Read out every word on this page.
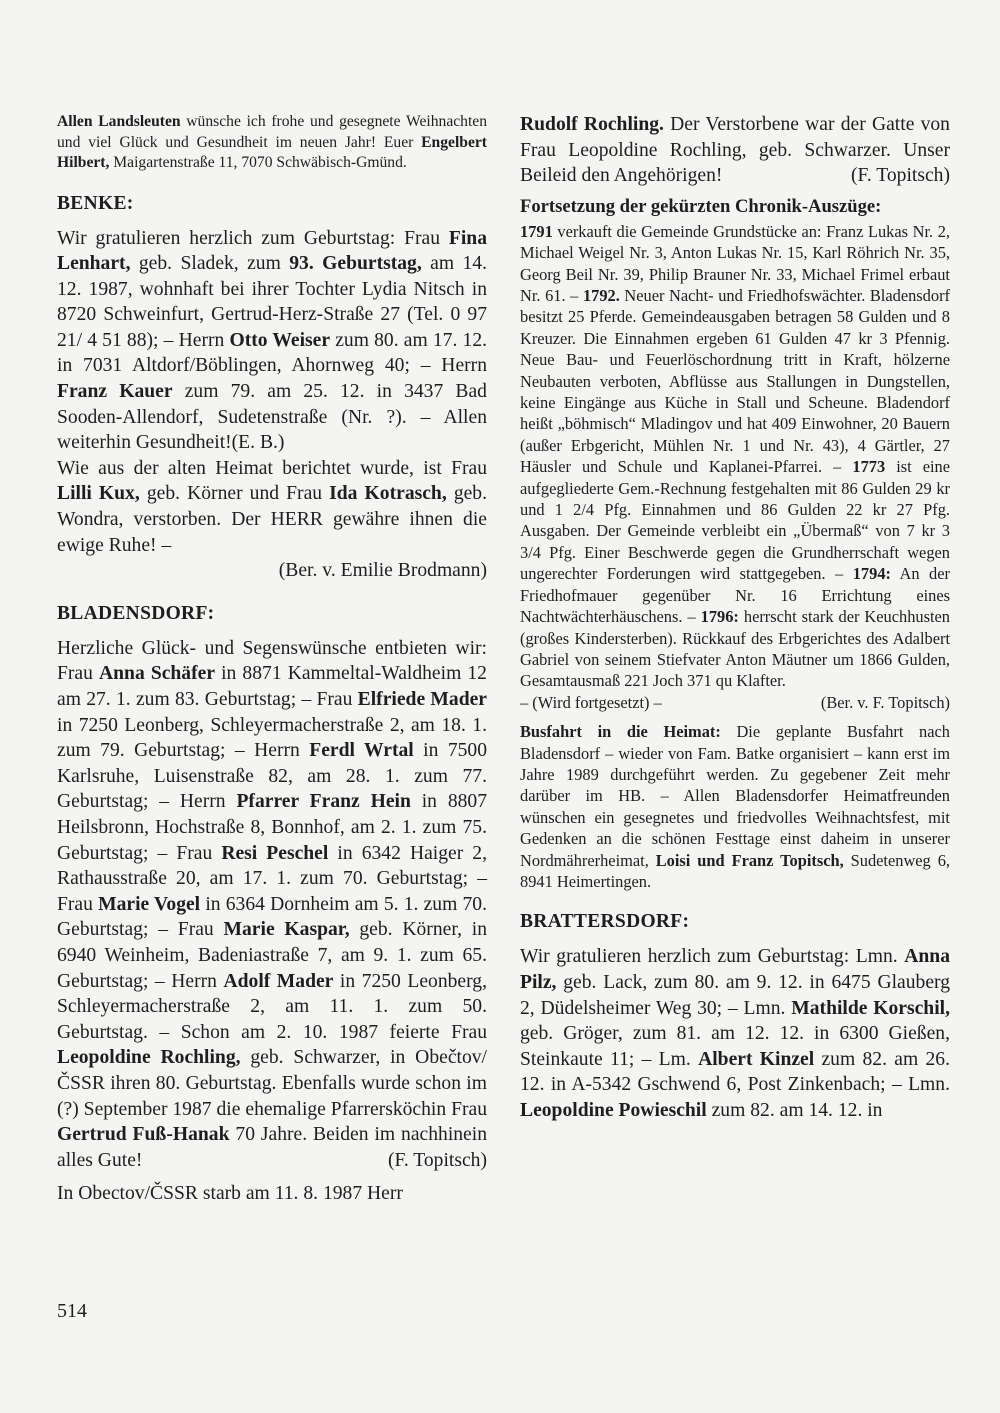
Allen Landsleuten wünsche ich frohe und gesegnete Weihnachten und viel Glück und Gesundheit im neuen Jahr! Euer Engelbert Hilbert, Maigartenstraße 11, 7070 Schwäbisch-Gmünd.

BENKE:

Wir gratulieren herzlich zum Geburtstag: Frau Fina Lenhart, geb. Sladek, zum 93. Geburtstag, am 14. 12. 1987, wohnhaft bei ihrer Tochter Lydia Nitsch in 8720 Schweinfurt, Gertrud-Herz-Straße 27 (Tel. 0 97 21/ 4 51 88); – Herrn Otto Weiser zum 80. am 17. 12. in 7031 Altdorf/Böblingen, Ahornweg 40; – Herrn Franz Kauer zum 79. am 25. 12. in 3437 Bad Sooden-Allendorf, Sudetenstraße (Nr. ?). – Allen weiterhin Gesundheit!(E. B.)

Wie aus der alten Heimat berichtet wurde, ist Frau Lilli Kux, geb. Körner und Frau Ida Kotrasch, geb. Wondra, verstorben. Der HERR gewähre ihnen die ewige Ruhe! –
(Ber. v. Emilie Brodmann)

BLADENSDORF:

Herzliche Glück- und Segenswünsche entbieten wir: Frau Anna Schäfer in 8871 Kammeltal-Waldheim 12 am 27. 1. zum 83. Geburtstag; – Frau Elfriede Mader in 7250 Leonberg, Schleyermacherstraße 2, am 18. 1. zum 79. Geburtstag; – Herrn Ferdl Wrtal in 7500 Karlsruhe, Luisenstraße 82, am 28. 1. zum 77. Geburtstag; – Herrn Pfarrer Franz Hein in 8807 Heilsbronn, Hochstraße 8, Bonnhof, am 2. 1. zum 75. Geburtstag; – Frau Resi Peschel in 6342 Haiger 2, Rathausstraße 20, am 17. 1. zum 70. Geburtstag; – Frau Marie Vogel in 6364 Dornheim am 5. 1. zum 70. Geburtstag; – Frau Marie Kaspar, geb. Körner, in 6940 Weinheim, Badeniastraße 7, am 9. 1. zum 65. Geburtstag; – Herrn Adolf Mader in 7250 Leonberg, Schleyermacherstraße 2, am 11. 1. zum 50. Geburtstag. – Schon am 2. 10. 1987 feierte Frau Leopoldine Rochling, geb. Schwarzer, in Obečtov/ČSSR ihren 80. Geburtstag. Ebenfalls wurde schon im (?) September 1987 die ehemalige Pfarrersköchin Frau Gertrud Fuß-Hanak 70 Jahre. Beiden im nachhinein alles Gute!	(F. Topitsch)

In Obectov/ČSSR starb am 11. 8. 1987 Herr

514

Rudolf Rochling. Der Verstorbene war der Gatte von Frau Leopoldine Rochling, geb. Schwarzer. Unser Beileid den Angehörigen!	(F. Topitsch)

Fortsetzung der gekürzten Chronik-Auszüge:

1791 verkauft die Gemeinde Grundstücke an: Franz Lukas Nr. 2, Michael Weigel Nr. 3, Anton Lukas Nr. 15, Karl Röhrich Nr. 35, Georg Beil Nr. 39, Philip Brauner Nr. 33, Michael Frimel erbaut Nr. 61. – 1792. Neuer Nacht- und Friedhofswächter. Bladensdorf besitzt 25 Pferde. Gemeindeausgaben betragen 58 Gulden und 8 Kreuzer. Die Einnahmen ergeben 61 Gulden 47 kr 3 Pfennig. Neue Bau- und Feuerlöschordnung tritt in Kraft, hölzerne Neubauten verboten, Abflüsse aus Stallungen in Dungstellen, keine Eingänge aus Küche in Stall und Scheune. Bladendorf heißt „böhmisch“ Mladingov und hat 409 Einwohner, 20 Bauern (außer Erbgericht, Mühlen Nr. 1 und Nr. 43), 4 Gärtler, 27 Häusler und Schule und Kaplanei-Pfarrei. – 1773 ist eine aufgegliederte Gem.-Rechnung festgehalten mit 86 Gulden 29 kr und 1 2/4 Pfg. Einnahmen und 86 Gulden 22 kr 27 Pfg. Ausgaben. Der Gemeinde verbleibt ein „Übermaß“ von 7 kr 3 3/4 Pfg. Einer Beschwerde gegen die Grundherrschaft wegen ungerechter Forderungen wird stattgegeben. – 1794: An der Friedhofmauer gegenüber Nr. 16 Errichtung eines Nachtwächterhäuschens. – 1796: herrscht stark der Keuchhusten (großes Kindersterben). Rückkauf des Erbgerichtes des Adalbert Gabriel von seinem Stiefvater Anton Mäutner um 1866 Gulden, Gesamtausmaß 221 Joch 371 qu Klafter.
– (Wird fortgesetzt) –	(Ber. v. F. Topitsch)

Busfahrt in die Heimat: Die geplante Busfahrt nach Bladensdorf – wieder von Fam. Batke organisiert – kann erst im Jahre 1989 durchgeführt werden. Zu gegebener Zeit mehr darüber im HB. – Allen Bladensdorfer Heimatfreunden wünschen ein gesegnetes und friedvolles Weihnachtsfest, mit Gedenken an die schönen Festtage einst daheim in unserer Nordmährerheimat, Loisi und Franz Topitsch, Sudetenweg 6, 8941 Heimertingen.

BRATTERSDORF:

Wir gratulieren herzlich zum Geburtstag: Lmn. Anna Pilz, geb. Lack, zum 80. am 9. 12. in 6475 Glauberg 2, Düdelsheimer Weg 30; – Lmn. Mathilde Korschil, geb. Gröger, zum 81. am 12. 12. in 6300 Gießen, Steinkaute 11; – Lm. Albert Kinzel zum 82. am 26. 12. in A-5342 Gschwend 6, Post Zinkenbach; – Lmn. Leopoldine Powieschil zum 82. am 14. 12. in
